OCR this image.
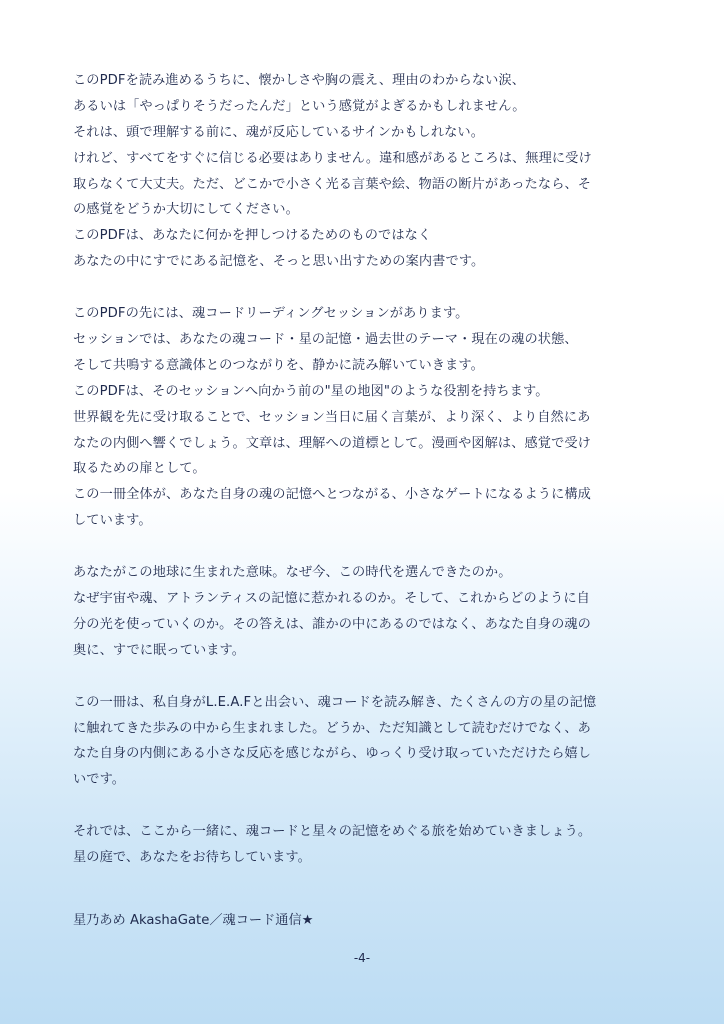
このPDFを読み進めるうちに、懐かしさや胸の震え、理由のわからない涙、
あるいは「やっぱりそうだったんだ」という感覚がよぎるかもしれません。
それは、頭で理解する前に、魂が反応しているサインかもしれない。
けれど、すべてをすぐに信じる必要はありません。違和感があるところは、無理に受け
取らなくて大丈夫。ただ、どこかで小さく光る言葉や絵、物語の断片があったなら、そ
の感覚をどうか大切にしてください。
このPDFは、あなたに何かを押しつけるためのものではなく
あなたの中にすでにある記憶を、そっと思い出すための案内書です。
このPDFの先には、魂コードリーディングセッションがあります。
セッションでは、あなたの魂コード・星の記憶・過去世のテーマ・現在の魂の状態、
そして共鳴する意識体とのつながりを、静かに読み解いていきます。
このPDFは、そのセッションへ向かう前の"星の地図"のような役割を持ちます。
世界観を先に受け取ることで、セッション当日に届く言葉が、より深く、より自然にあ
なたの内側へ響くでしょう。文章は、理解への道標として。漫画や図解は、感覚で受け
取るための扉として。
この一冊全体が、あなた自身の魂の記憶へとつながる、小さなゲートになるように構成
しています。
あなたがこの地球に生まれた意味。なぜ今、この時代を選んできたのか。
なぜ宇宙や魂、アトランティスの記憶に惹かれるのか。そして、これからどのように自
分の光を使っていくのか。その答えは、誰かの中にあるのではなく、あなた自身の魂の
奥に、すでに眠っています。
この一冊は、私自身がL.E.A.Fと出会い、魂コードを読み解き、たくさんの方の星の記憶
に触れてきた歩みの中から生まれました。どうか、ただ知識として読むだけでなく、あ
なた自身の内側にある小さな反応を感じながら、ゆっくり受け取っていただけたら嬉し
いです。
それでは、ここから一緒に、魂コードと星々の記憶をめぐる旅を始めていきましょう。
星の庭で、あなたをお待ちしています。
星乃あめ AkashaGate／魂コード通信★
-4-
